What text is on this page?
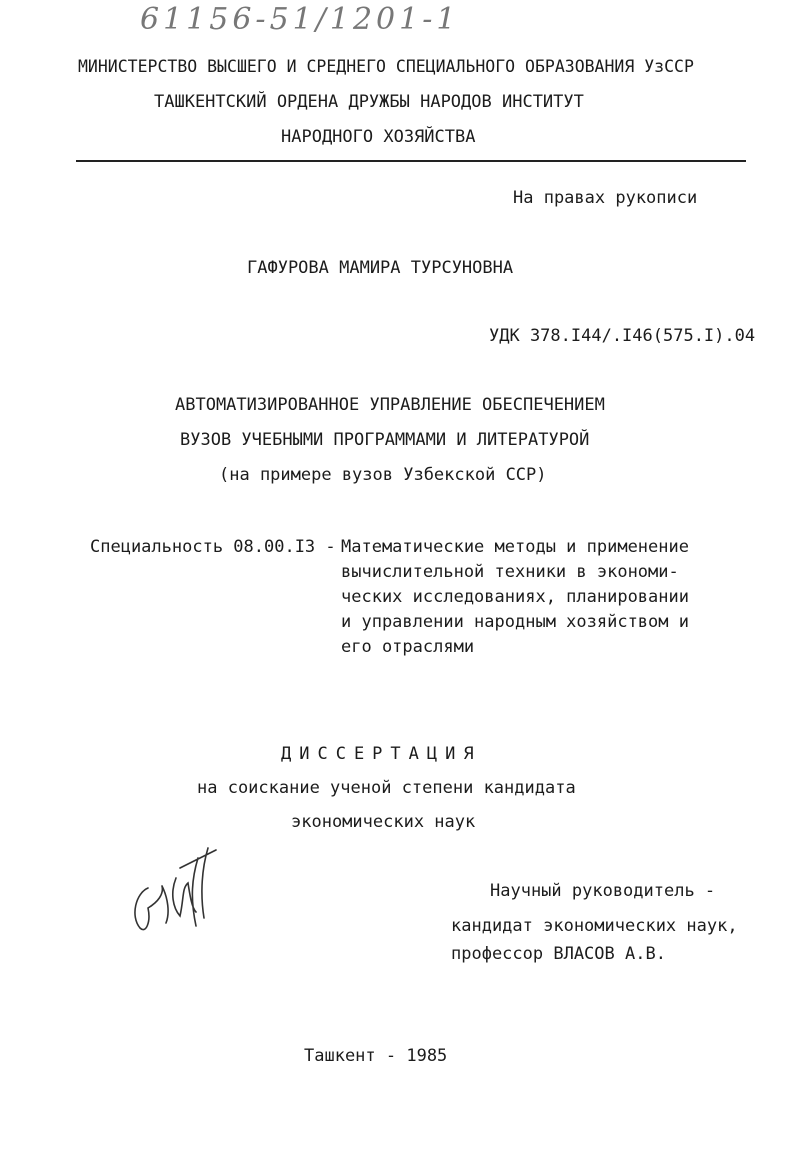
61156-51/1201-1
МИНИСТЕРСТВО ВЫСШЕГО И СРЕДНЕГО СПЕЦИАЛЬНОГО ОБРАЗОВАНИЯ УзССР
ТАШКЕНТСКИЙ ОРДЕНА ДРУЖБЫ НАРОДОВ ИНСТИТУТ
НАРОДНОГО ХОЗЯЙСТВА
На правах рукописи
ГАФУРОВА МАМИРА ТУРСУНОВНА
УДК 378.I44/.I46(575.I).04
АВТОМАТИЗИРОВАННОЕ УПРАВЛЕНИЕ ОБЕСПЕЧЕНИЕМ
ВУЗОВ УЧЕБНЫМИ ПРОГРАММАМИ И ЛИТЕРАТУРОЙ
(на примере вузов Узбекской ССР)
Специальность 08.00.I3 - Математические методы и применение
вычислительной техники в экономи-
ческих исследованиях, планировании
и управлении народным хозяйством и
его отраслями
ДИССЕРТАЦИЯ
на соискание ученой степени кандидата
экономических наук
Научный руководитель -
кандидат экономических наук,
профессор ВЛАСОВ А.В.
Ташкент - 1985
